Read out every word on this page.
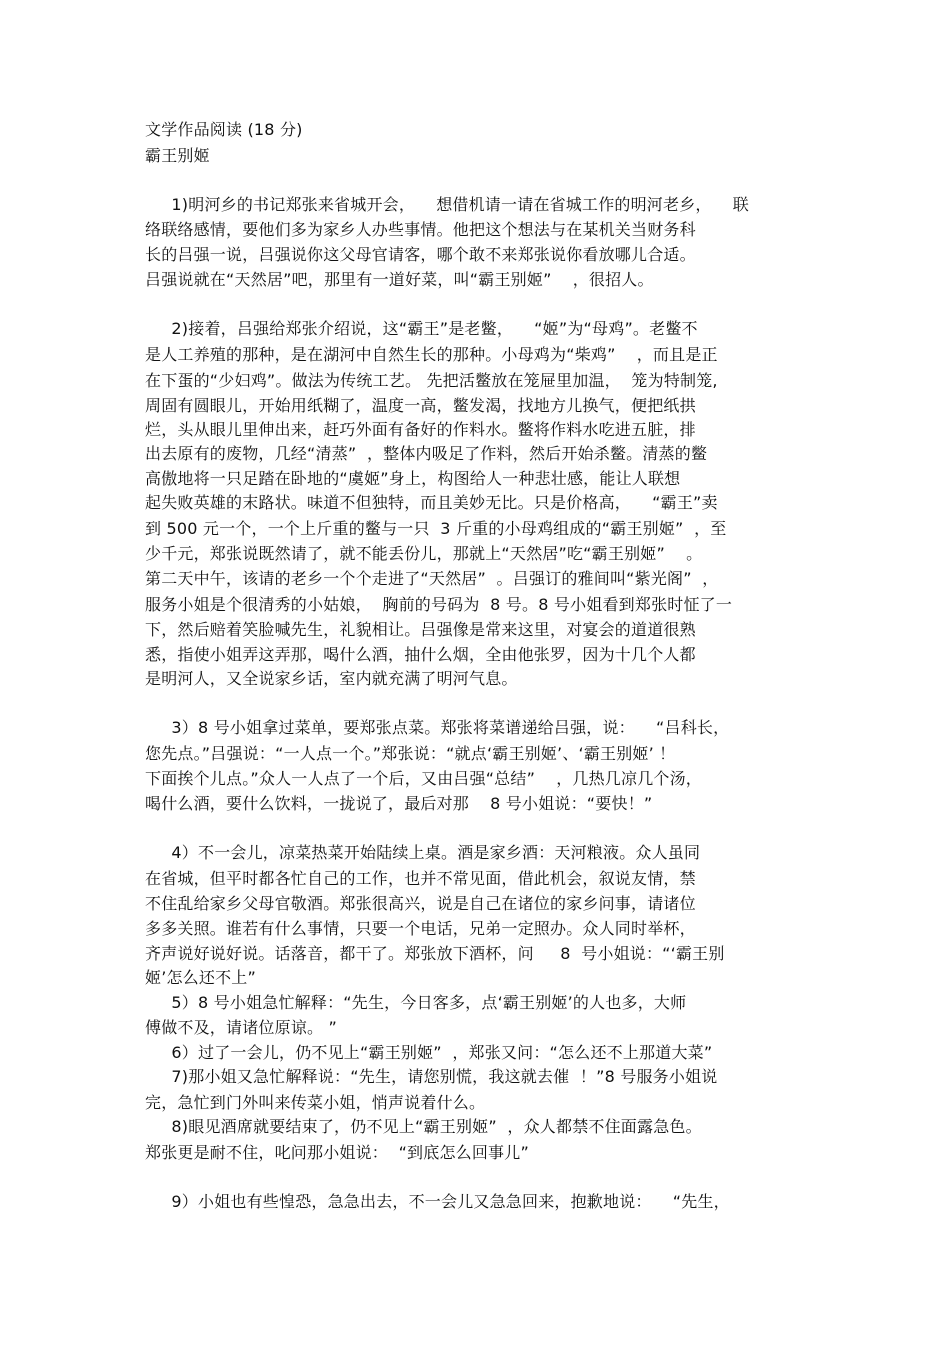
文学作品阅读 (18 分)
霸王别姬
1)明河乡的书记郑张来省城开会，    想借机请一请在省城工作的明河老乡，    联
络联络感情，要他们多为家乡人办些事情。他把这个想法与在某机关当财务科
长的吕强一说，吕强说你这父母官请客，哪个敢不来郑张说你看放哪儿合适。
吕强说就在“天然居”吧，那里有一道好菜，叫“霸王别姬”    ，很招人。
2)接着，吕强给郑张介绍说，这“霸王”是老鳖，    “姬”为“母鸡”。老鳖不
是人工养殖的那种，是在湖河中自然生长的那种。小母鸡为“柴鸡”    ，而且是正
在下蛋的“少妇鸡”。做法为传统工艺。 先把活鳖放在笼屉里加温，  笼为特制笼,
周固有圆眼儿，开始用纸糊了，温度一高，鳖发渴，找地方儿换气，便把纸拱
烂，头从眼儿里伸出来，赶巧外面有备好的作料水。鳖将作料水吃进五脏，排
出去原有的废物，几经“清蒸”  ，整体内吸足了作料，然后开始杀鳖。清蒸的鳖
高傲地将一只足踏在卧地的“虞姬”身上，构图给人一种悲壮感，能让人联想
起失败英雄的末路状。味道不但独特，而且美妙无比。只是价格高，    “霸王”卖
到 500 元一个，一个上斤重的鳖与一只  3 斤重的小母鸡组成的“霸王别姬”  ，至
少千元，郑张说既然请了，就不能丢份儿，那就上“天然居”吃“霸王别姬”    。
第二天中午，该请的老乡一个个走进了“天然居”  。吕强订的雅间叫“紫光阁”  ，
服务小姐是个很清秀的小姑娘，  胸前的号码为  8 号。8 号小姐看到郑张时怔了一
下，然后赔着笑脸喊先生，礼貌相让。吕强像是常来这里，对宴会的道道很熟
悉，指使小姐弄这弄那，喝什么酒，抽什么烟，全由他张罗，因为十几个人都
是明河人，又全说家乡话，室内就充满了明河气息。
3）8 号小姐拿过菜单，要郑张点菜。郑张将菜谱递给吕强，说：    “吕科长，
您先点。”吕强说：“一人点一个。”郑张说：“就点‘霸王别姬’、‘霸王别姬’ ！
下面挨个儿点。”众人一人点了一个后，又由吕强“总结”    ，几热几凉几个汤，
喝什么酒，要什么饮料，一拢说了，最后对那    8 号小姐说：“要快！”
4）不一会儿，凉菜热菜开始陆续上桌。酒是家乡酒：天河粮液。众人虽同
在省城，但平时都各忙自己的工作，也并不常见面，借此机会，叙说友情，禁
不住乱给家乡父母官敬酒。郑张很高兴，说是自己在诸位的家乡问事，请诸位
多多关照。谁若有什么事情，只要一个电话，兄弟一定照办。众人同时举杯，
齐声说好说好说。话落音，都干了。郑张放下酒杯，问     8  号小姐说：“‘霸王别
姬’怎么还不上”
5）8 号小姐急忙解释：“先生，今日客多，点‘霸王别姬’的人也多，大师
傅做不及，请诸位原谅。 ”
6）过了一会儿，仍不见上“霸王别姬”  ，郑张又问：“怎么还不上那道大菜”
7)那小姐又急忙解释说：“先生，请您别慌，我这就去催  ！”8 号服务小姐说
完，急忙到门外叫来传菜小姐，悄声说着什么。
8)眼见酒席就要结束了，仍不见上“霸王别姬”  ，众人都禁不住面露急色。
郑张更是耐不住，叱问那小姐说：  “到底怎么回事儿”
9）小姐也有些惶恐，急急出去，不一会儿又急急回来，抱歉地说：    “先生，
